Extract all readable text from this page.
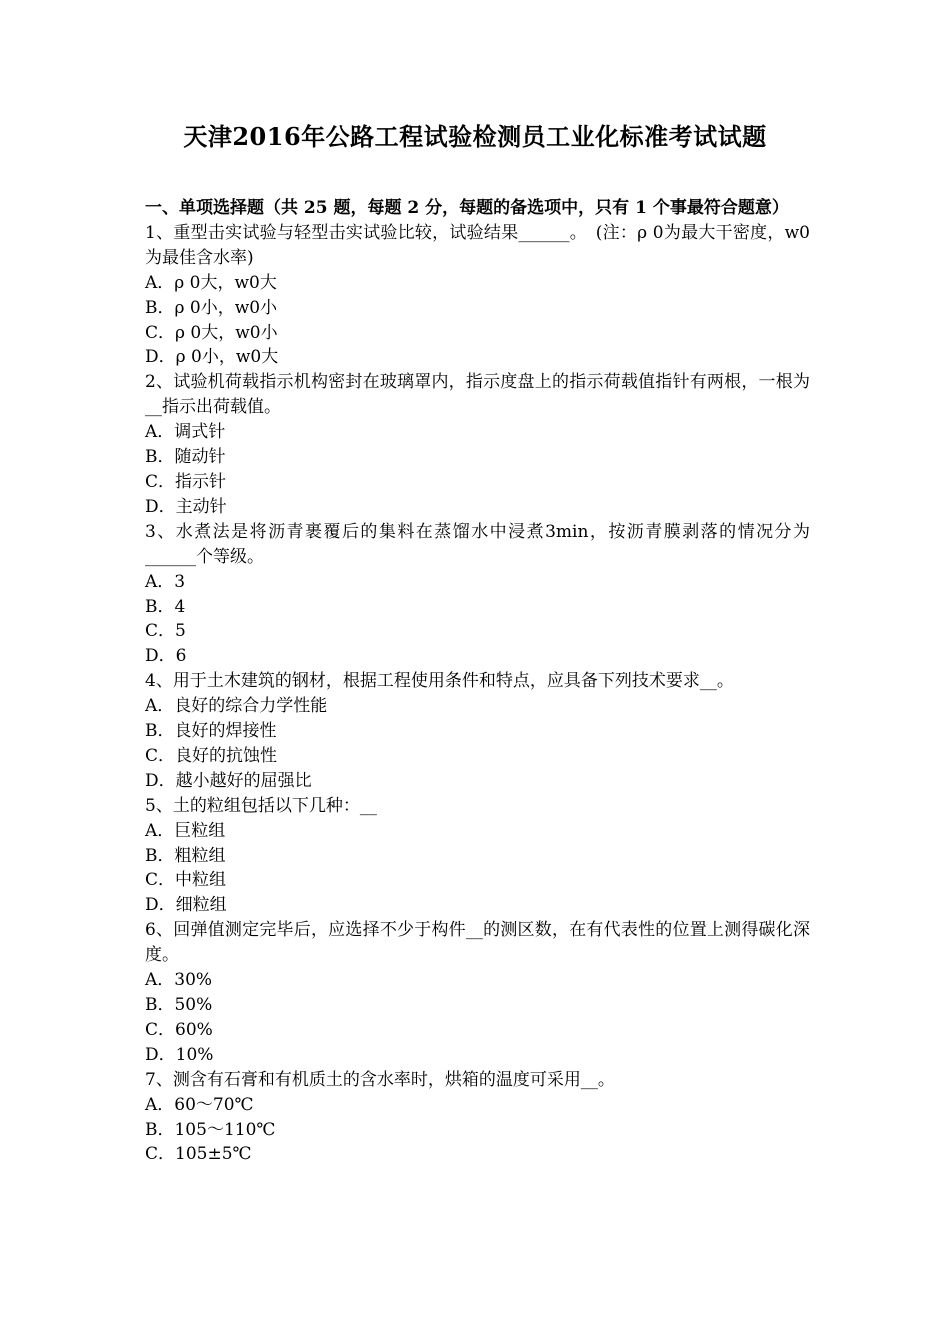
天津2016年公路工程试验检测员工业化标准考试试题
一、单项选择题（共 25 题，每题 2 分，每题的备选项中，只有 1 个事最符合题意）
1、重型击实试验与轻型击实试验比较，试验结果______。　(注：ρ 0为最大干密度，w0为最佳含水率)
A．ρ 0大，w0大
B．ρ 0小，w0小
C．ρ 0大，w0小
D．ρ 0小，w0大
2、试验机荷载指示机构密封在玻璃罩内，指示度盘上的指示荷载值指针有两根，一根为__指示出荷载值。
A．调式针
B．随动针
C．指示针
D．主动针
3、水煮法是将沥青裹覆后的集料在蒸馏水中浸煮3min，按沥青膜剥落的情况分为______个等级。
A．3
B．4
C．5
D．6
4、用于土木建筑的钢材，根据工程使用条件和特点，应具备下列技术要求__。
A．良好的综合力学性能
B．良好的焊接性
C．良好的抗蚀性
D．越小越好的屈强比
5、土的粒组包括以下几种：__
A．巨粒组
B．粗粒组
C．中粒组
D．细粒组
6、回弹值测定完毕后，应选择不少于构件__的测区数，在有代表性的位置上测得碳化深度。
A．30%
B．50%
C．60%
D．10%
7、测含有石膏和有机质土的含水率时，烘箱的温度可采用__。
A．60～70℃
B．105～110℃
C．105±5℃
